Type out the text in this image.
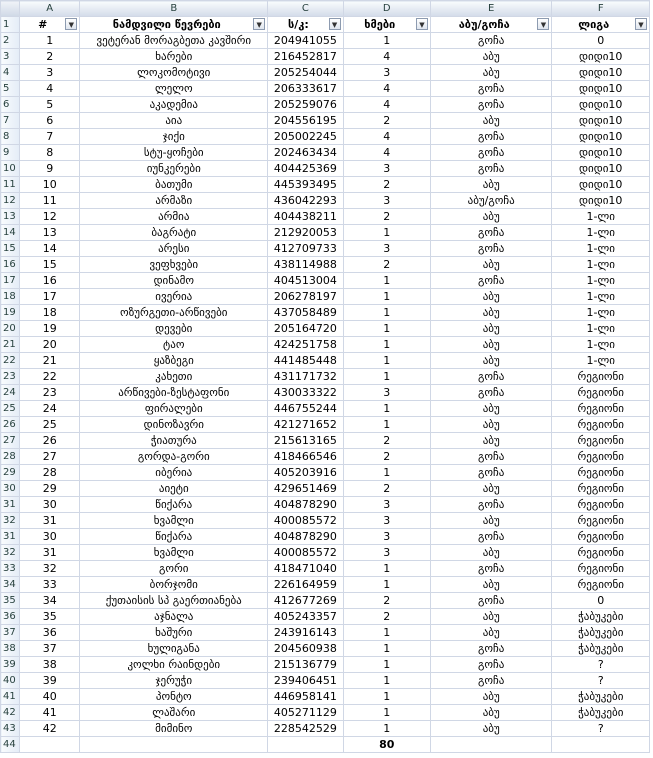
	A	B	C	D	E	F
1	# ▼	ნამდვილი წევრები ▼	ს/კ: ▼	ხმები ▼	აბუ/გოჩა ▼	ლიგა ▼

2	1	ვეტერან მორაგბეთა კავშირი	204941055	1	გოჩა	0
3	2	ხარები	216452817	4	აბუ	დიდი10
4	3	ლოკომოტივი	205254044	3	აბუ	დიდი10
5	4	ლელო	206333617	4	გოჩა	დიდი10
6	5	აკადემია	205259076	4	გოჩა	დიდი10
7	6	აია	204556195	2	აბუ	დიდი10
8	7	ჯიქი	205002245	4	გოჩა	დიდი10
9	8	სტუ-ყოჩები	202463434	4	გოჩა	დიდი10
10	9	იუნკერები	404425369	3	გოჩა	დიდი10
11	10	ბათუმი	445393495	2	აბუ	დიდი10
12	11	არმაზი	436042293	3	აბუ/გოჩა	დიდი10
13	12	არმია	404438211	2	აბუ	1-ლი
14	13	ბაგრატი	212920053	1	გოჩა	1-ლი
15	14	არესი	412709733	3	გოჩა	1-ლი
16	15	ვეფხვები	438114988	2	აბუ	1-ლი
17	16	დინამო	404513004	1	გოჩა	1-ლი
18	17	ივერია	206278197	1	აბუ	1-ლი
19	18	ოზურგეთი-არწივები	437058489	1	აბუ	1-ლი
20	19	დევები	205164720	1	აბუ	1-ლი
21	20	ტაო	424251758	1	აბუ	1-ლი
22	21	ყაზბეგი	441485448	1	აბუ	1-ლი
23	22	კახეთი	431171732	1	გოჩა	რეგიონი
24	23	არწივები-ზესტაფონი	430033322	3	გოჩა	რეგიონი
25	24	ფირალები	446755244	1	აბუ	რეგიონი
26	25	დინოზავრი	421271652	1	აბუ	რეგიონი
27	26	ჭიათურა	215613165	2	აბუ	რეგიონი
28	27	გორდა-გორი	418466546	2	გოჩა	რეგიონი
29	28	იბერია	405203916	1	გოჩა	რეგიონი
30	29	აიეტი	429651469	2	აბუ	რეგიონი
31	30	წიქარა	404878290	3	გოჩა	რეგიონი
32	31	ხვამლი	400085572	3	აბუ	რეგიონი
31	30	წიქარა	404878290	3	გოჩა	რეგიონი
32	31	ხვამლი	400085572	3	აბუ	რეგიონი
33	32	გორი	418471040	1	გოჩა	რეგიონი
34	33	ბორჯომი	226164959	1	აბუ	რეგიონი
35	34	ქუთაისის სპ გაერთიანება	412677269	2	გოჩა	0
36	35	აჯნალა	405243357	2	აბუ	ჭაბუკები
37	36	ხაშური	243916143	1	აბუ	ჭაბუკები
38	37	ხულიგანა	204560938	1	გოჩა	ჭაბუკები
39	38	კოლხი რაინდები	215136779	1	გოჩა	?
40	39	ჯერუჭი	239406451	1	გოჩა	?
41	40	პონტო	446958141	1	აბუ	ჭაბუკები
42	41	ლაშარი	405271129	1	აბუ	ჭაბუკები
43	42	მიმინო	228542529	1	აბუ	?
44				80		
